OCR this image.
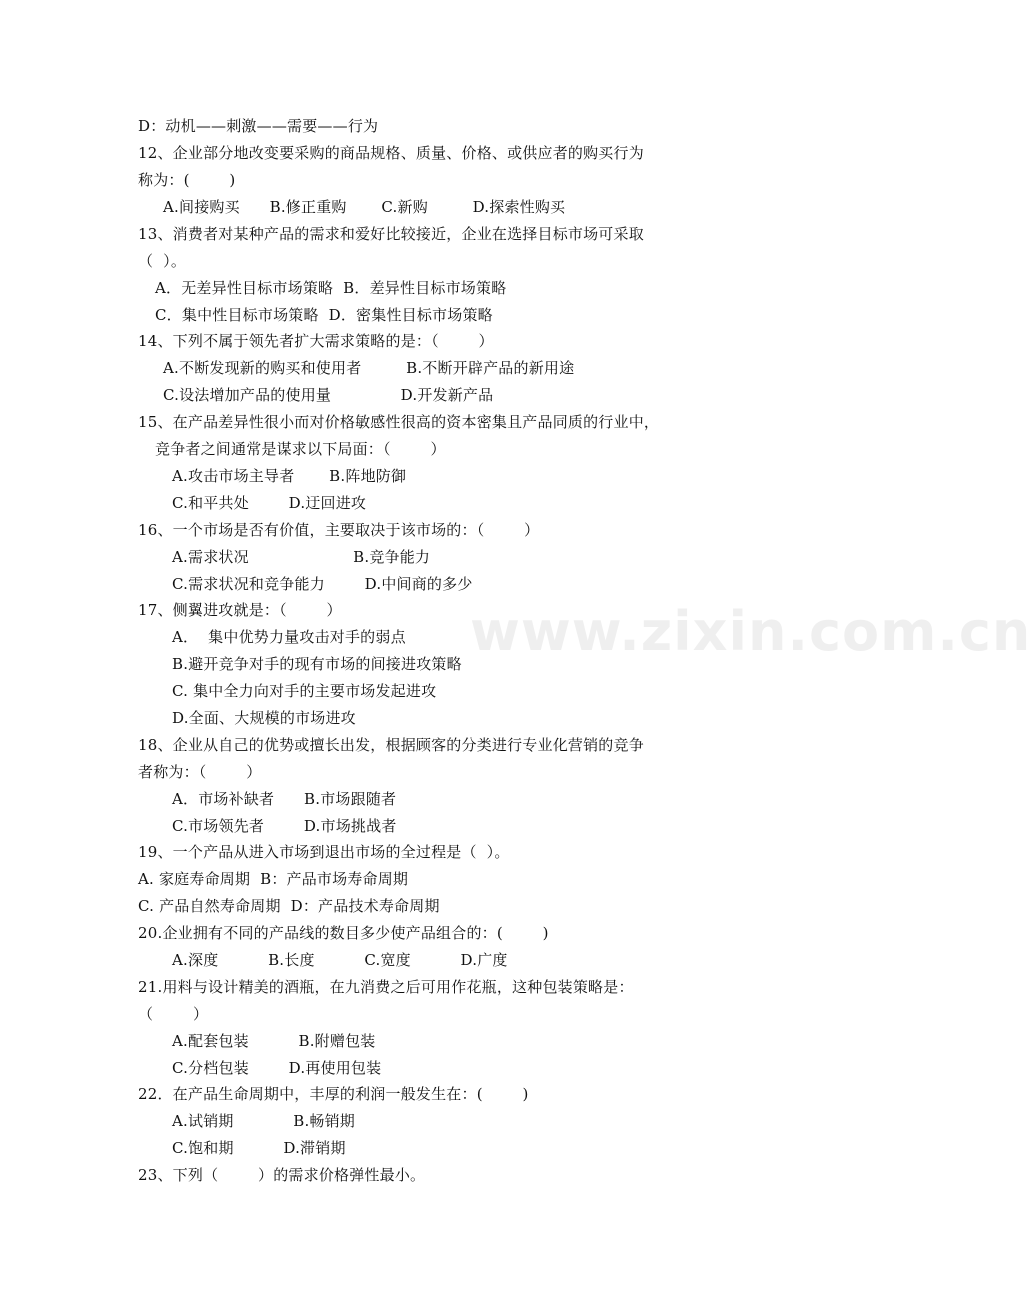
www.zixin.com.cn
D：动机——刺激——需要——行为
12、企业部分地改变要采购的商品规格、质量、价格、或供应者的购买行为
称为：(        )
A.间接购买      B.修正重购       C.新购         D.探索性购买
13、消费者对某种产品的需求和爱好比较接近，企业在选择目标市场可采取
（  ）。
A．无差异性目标市场策略  B．差异性目标市场策略
C．集中性目标市场策略  D．密集性目标市场策略
14、下列不属于领先者扩大需求策略的是：（        ）
A.不断发现新的购买和使用者         B.不断开辟产品的新用途
C.设法增加产品的使用量              D.开发新产品
15、在产品差异性很小而对价格敏感性很高的资本密集且产品同质的行业中，
竞争者之间通常是谋求以下局面：（        ）
A.攻击市场主导者       B.阵地防御
C.和平共处        D.迂回进攻
16、一个市场是否有价值，主要取决于该市场的：（        ）
A.需求状况                     B.竞争能力
C.需求状况和竞争能力        D.中间商的多少
17、侧翼进攻就是：（        ）
A．  集中优势力量攻击对手的弱点
B.避开竞争对手的现有市场的间接进攻策略
C. 集中全力向对手的主要市场发起进攻
D.全面、大规模的市场进攻
18、企业从自己的优势或擅长出发，根据顾客的分类进行专业化营销的竞争
者称为：（        ）
A．市场补缺者      B.市场跟随者
C.市场领先者        D.市场挑战者
19、一个产品从进入市场到退出市场的全过程是（  ）。
A. 家庭寿命周期  B：产品市场寿命周期
C. 产品自然寿命周期  D：产品技术寿命周期
20.企业拥有不同的产品线的数目多少使产品组合的：(        )
A.深度          B.长度          C.宽度          D.广度
21.用料与设计精美的酒瓶，在九消费之后可用作花瓶，这种包装策略是：
（        ）
A.配套包装          B.附赠包装
C.分档包装        D.再使用包装
22．在产品生命周期中，丰厚的利润一般发生在：(        )
A.试销期            B.畅销期
C.饱和期          D.滞销期
23、下列（        ）的需求价格弹性最小。
